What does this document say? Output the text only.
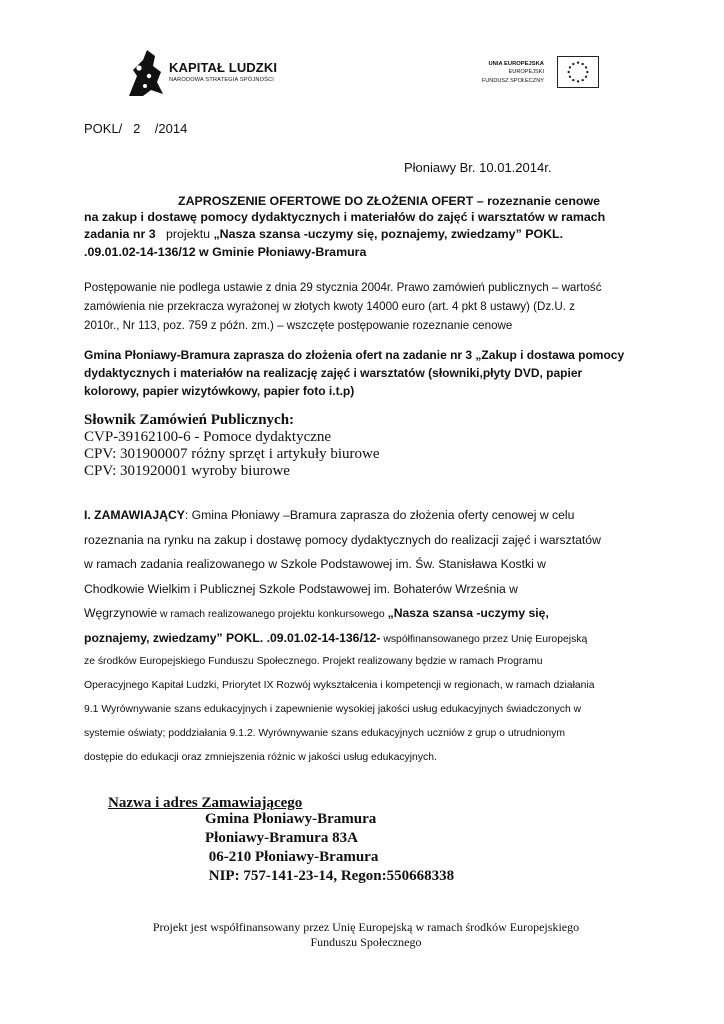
KAPITAŁ LUDZKI
NARODOWA STRATEGIA SPÓJNOŚCI
UNIA EUROPEJSKA
EUROPEJSKI
FUNDUSZ SPOŁECZNY
POKL/   2    /2014
Płoniawy Br. 10.01.2014r.
ZAPROSZENIE OFERTOWE DO ZŁOŻENIA OFERT – rozeznanie cenowe
na zakup i dostawę pomocy dydaktycznych i materiałów do zajęć i warsztatów w ramach
zadania nr 3   projektu „Nasza szansa -uczymy się, poznajemy, zwiedzamy” POKL.
.09.01.02-14-136/12 w Gminie Płoniawy-Bramura
Postępowanie nie podlega ustawie z dnia 29 stycznia 2004r. Prawo zamówień publicznych – wartość
zamówienia nie przekracza wyrażonej w złotych kwoty 14000 euro (art. 4 pkt 8 ustawy) (Dz.U. z
2010r., Nr 113, poz. 759 z późn. zm.) – wszczęte postępowanie rozeznanie cenowe
Gmina Płoniawy-Bramura zaprasza do złożenia ofert na zadanie nr 3 „Zakup i dostawa pomocy
dydaktycznych i materiałów na realizację zajęć i warsztatów (słowniki,płyty DVD, papier
kolorowy, papier wizytówkowy, papier foto i.t.p)
Słownik Zamówień Publicznych:
CVP-39162100-6 - Pomoce dydaktyczne
CPV: 301900007 różny sprzęt i artykuły biurowe
CPV: 301920001 wyroby biurowe
I. ZAMAWIAJĄCY: Gmina Płoniawy –Bramura zaprasza do złożenia oferty cenowej w celu
rozeznania na rynku na zakup i dostawę pomocy dydaktycznych do realizacji zajęć i warsztatów
w ramach zadania realizowanego w Szkole Podstawowej im. Św. Stanisława Kostki w
Chodkowie Wielkim i Publicznej Szkole Podstawowej im. Bohaterów Września w
Węgrzynowie w ramach realizowanego projektu konkursowego „Nasza szansa -uczymy się,
poznajemy, zwiedzamy” POKL. .09.01.02-14-136/12- współfinansowanego przez Unię Europejską
ze środków Europejskiego Funduszu Społecznego. Projekt realizowany będzie w ramach Programu
Operacyjnego Kapitał Ludzki, Priorytet IX Rozwój wykształcenia i kompetencji w regionach, w ramach działania
9.1 Wyrównywanie szans edukacyjnych i zapewnienie wysokiej jakości usług edukacyjnych świadczonych w
systemie oświaty; poddziałania 9.1.2. Wyrównywanie szans edukacyjnych uczniów z grup o utrudnionym
dostępie do edukacji oraz zmniejszenia różnic w jakości usług edukacyjnych.
Nazwa i adres Zamawiającego
Gmina Płoniawy-Bramura
Płoniawy-Bramura 83A
06-210 Płoniawy-Bramura
NIP: 757-141-23-14, Regon:550668338
Projekt jest współfinansowany przez Unię Europejską w ramach środków Europejskiego
Funduszu Społecznego
